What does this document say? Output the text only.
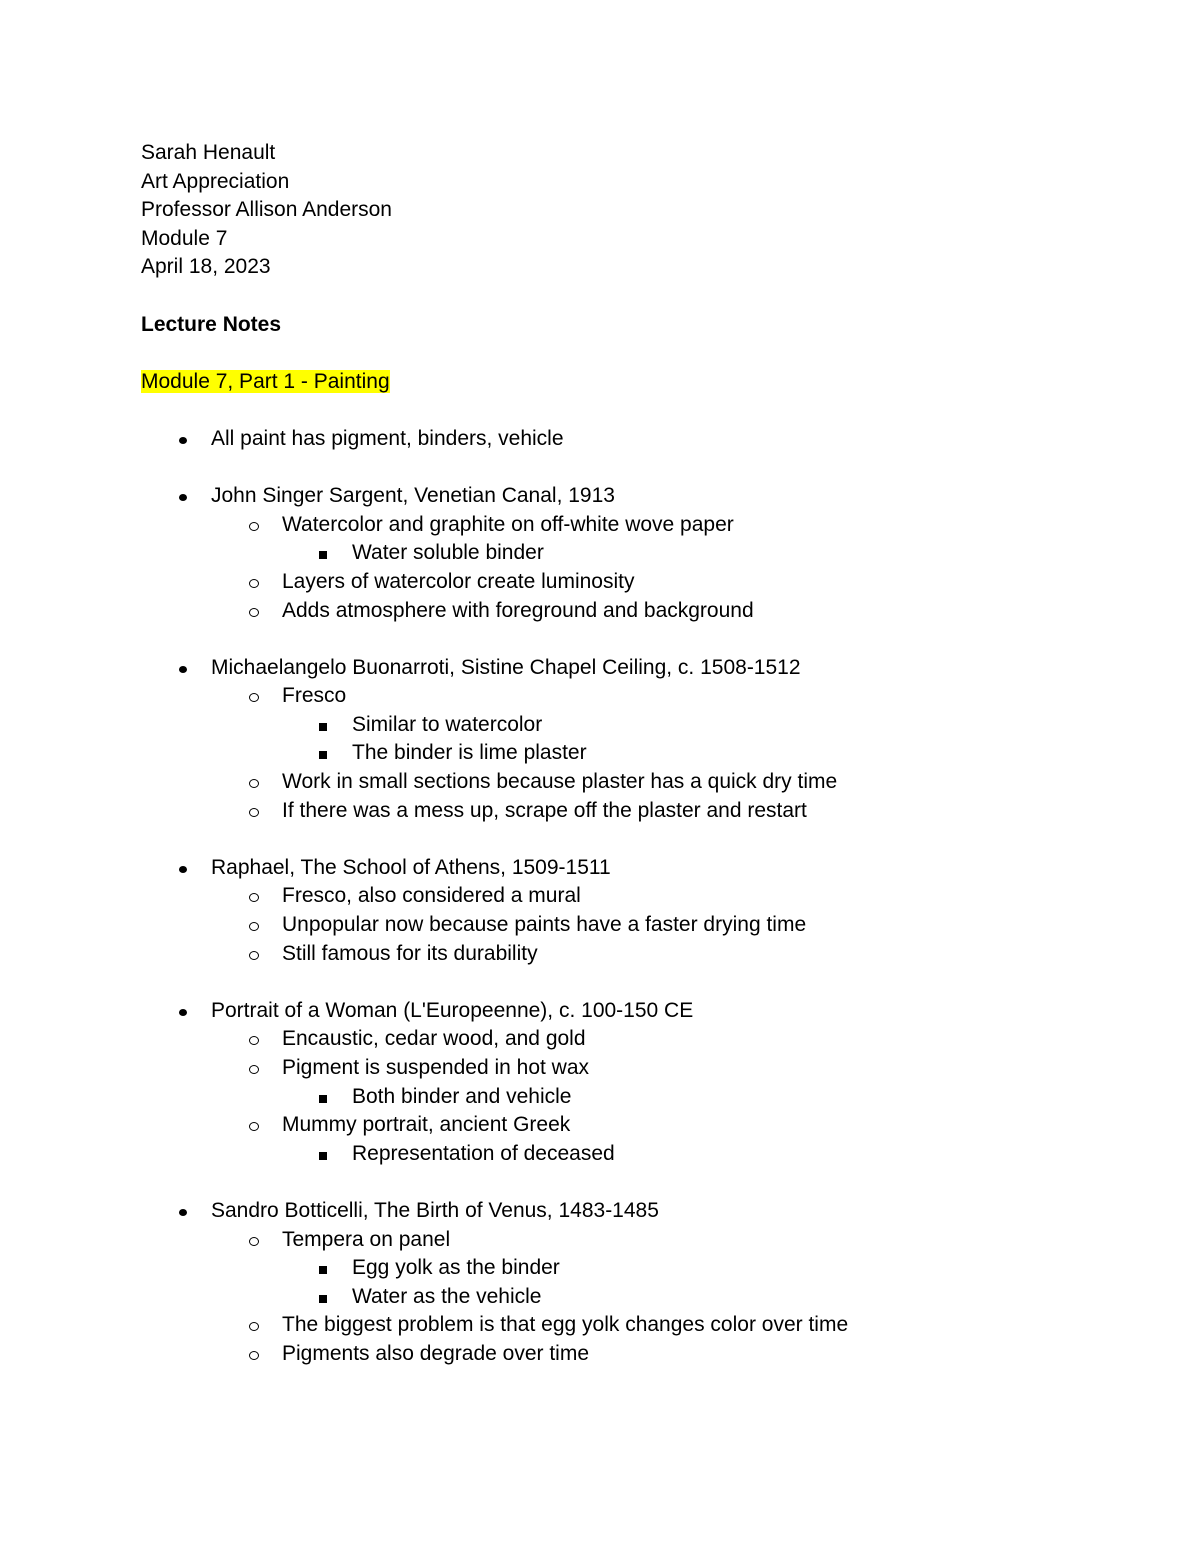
Sarah Henault
Art Appreciation
Professor Allison Anderson
Module 7
April 18, 2023
Lecture Notes
Module 7, Part 1 - Painting
All paint has pigment, binders, vehicle
John Singer Sargent, Venetian Canal, 1913
Watercolor and graphite on off-white wove paper
Water soluble binder
Layers of watercolor create luminosity
Adds atmosphere with foreground and background
Michaelangelo Buonarroti, Sistine Chapel Ceiling, c. 1508-1512
Fresco
Similar to watercolor
The binder is lime plaster
Work in small sections because plaster has a quick dry time
If there was a mess up, scrape off the plaster and restart
Raphael, The School of Athens, 1509-1511
Fresco, also considered a mural
Unpopular now because paints have a faster drying time
Still famous for its durability
Portrait of a Woman (L'Europeenne), c. 100-150 CE
Encaustic, cedar wood, and gold
Pigment is suspended in hot wax
Both binder and vehicle
Mummy portrait, ancient Greek
Representation of deceased
Sandro Botticelli, The Birth of Venus, 1483-1485
Tempera on panel
Egg yolk as the binder
Water as the vehicle
The biggest problem is that egg yolk changes color over time
Pigments also degrade over time
